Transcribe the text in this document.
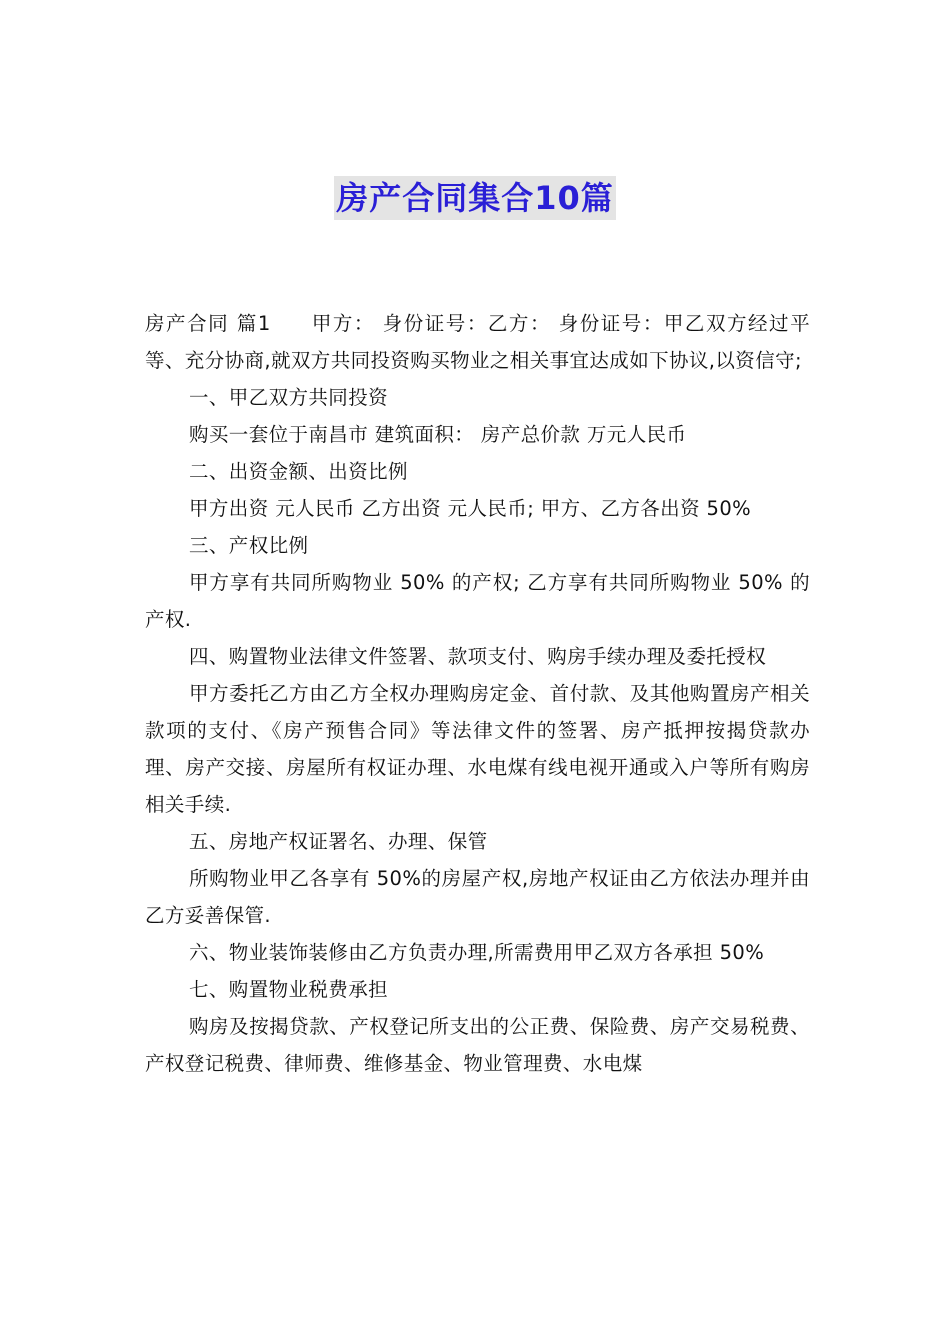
房产合同集合10篇

房产合同 篇1 甲方： 身份证号：乙方： 身份证号：甲乙双方经过平等、充分协商,就双方共同投资购买物业之相关事宜达成如下协议,以资信守;

一、甲乙双方共同投资

购买一套位于南昌市 建筑面积： 房产总价款 万元人民币

二、出资金额、出资比例

甲方出资 元人民币 乙方出资 元人民币; 甲方、乙方各出资 50%

三、产权比例

甲方享有共同所购物业 50% 的产权; 乙方享有共同所购物业 50% 的产权.

四、购置物业法律文件签署、款项支付、购房手续办理及委托授权

甲方委托乙方由乙方全权办理购房定金、首付款、及其他购置房产相关款项的支付、《房产预售合同》等法律文件的签署、房产抵押按揭贷款办理、房产交接、房屋所有权证办理、水电煤有线电视开通或入户等所有购房相关手续.

五、房地产权证署名、办理、保管

所购物业甲乙各享有 50%的房屋产权,房地产权证由乙方依法办理并由乙方妥善保管.

六、物业装饰装修由乙方负责办理,所需费用甲乙双方各承担 50%

七、购置物业税费承担

购房及按揭贷款、产权登记所支出的公正费、保险费、房产交易税费、产权登记税费、律师费、维修基金、物业管理费、水电煤
